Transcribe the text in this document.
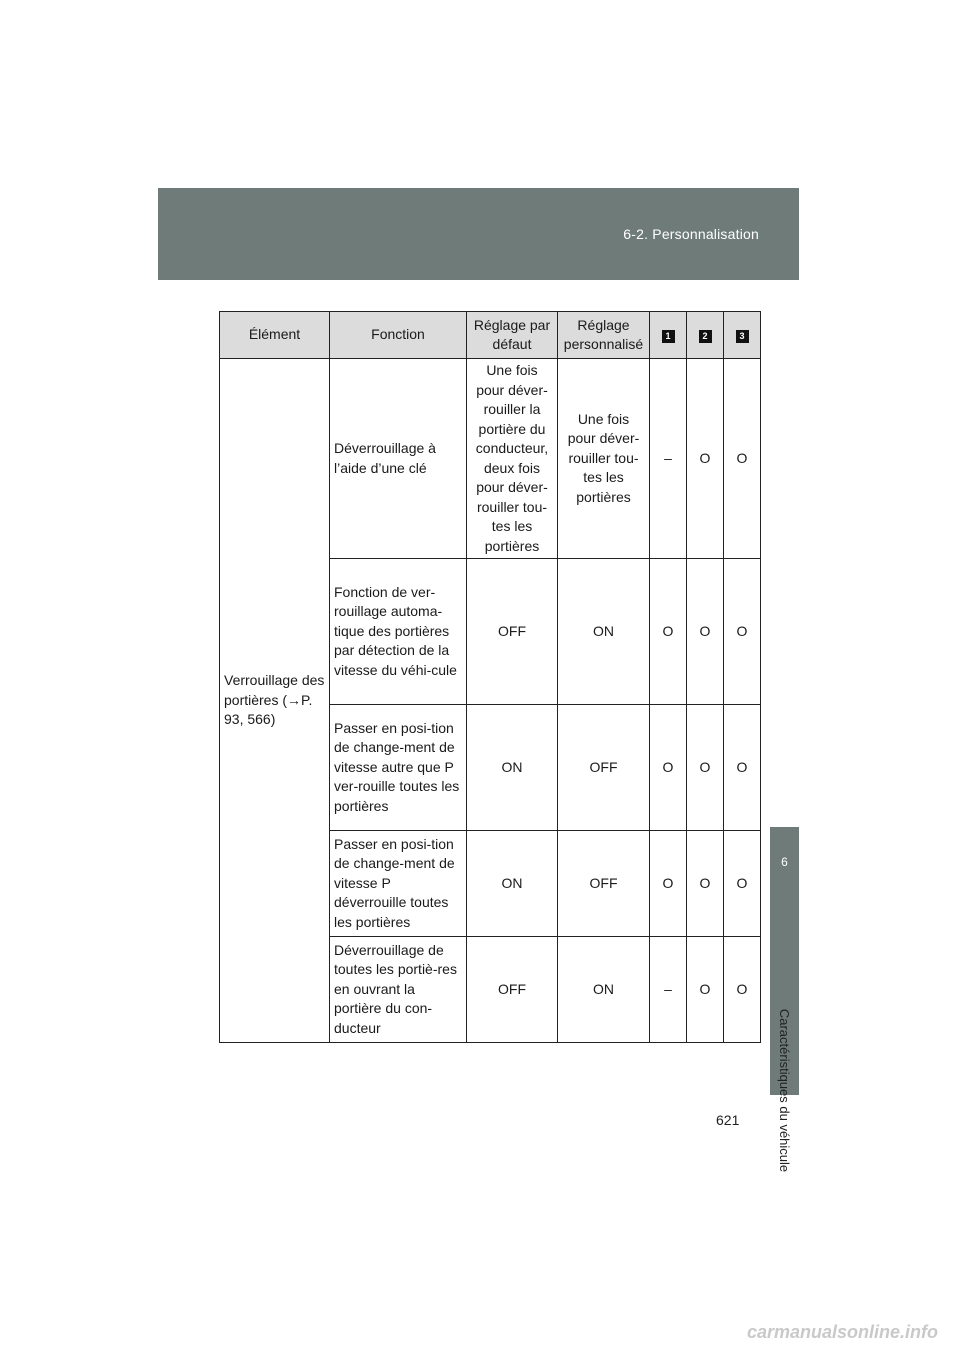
6-2. Personnalisation
6
Caractéristiques du véhicule
Élément	Fonction	Réglage par défaut	Réglage personnalisé	1	2	3
Verrouillage des portières (→P. 93, 566)	Déverrouillage à l’aide d’une clé	Une fois pour déver-rouiller la portière du conducteur, deux fois pour déver-rouiller tou-tes les portières	Une fois pour déver-rouiller tou-tes les portières	–	O	O
	Fonction de ver-rouillage automa-tique des portières par détection de la vitesse du véhi-cule	OFF	ON	O	O	O
	Passer en posi-tion de change-ment de vitesse autre que P ver-rouille toutes les portières	ON	OFF	O	O	O
	Passer en posi-tion de change-ment de vitesse P déverrouille toutes les portières	ON	OFF	O	O	O
	Déverrouillage de toutes les portiè-res en ouvrant la portière du con-ducteur	OFF	ON	–	O	O
621
carmanualsonline.info
